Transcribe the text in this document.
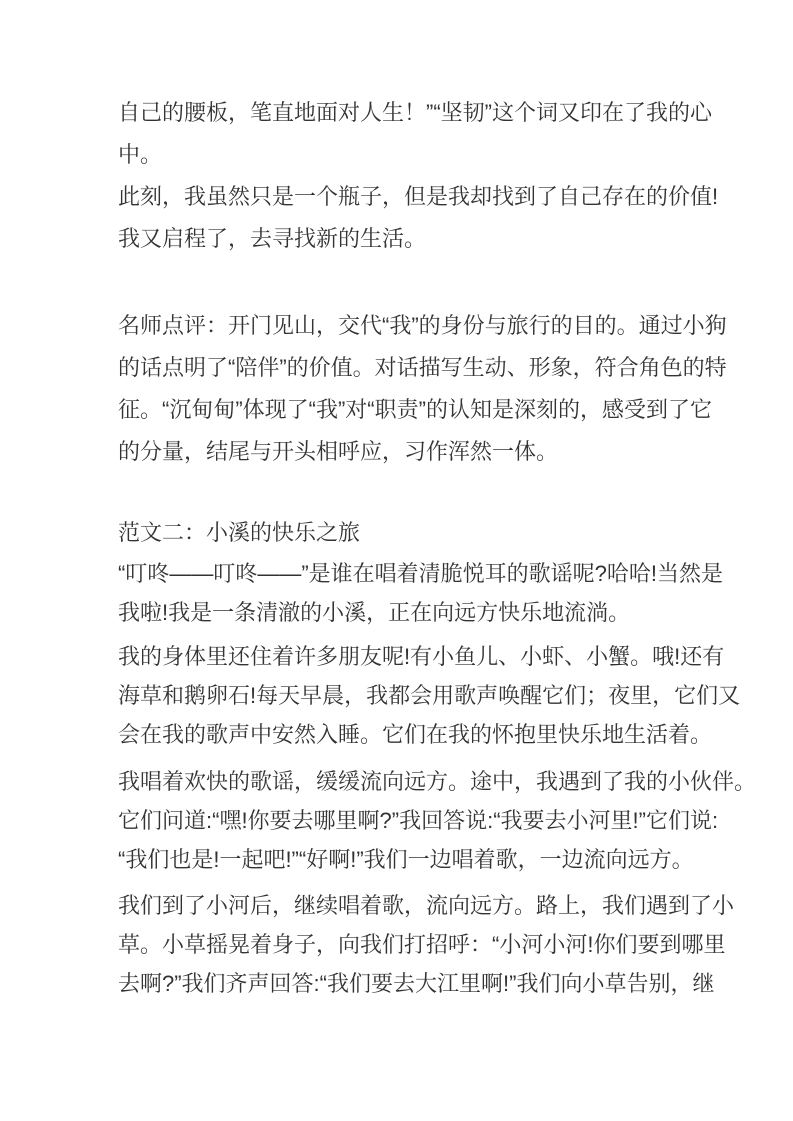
自己的腰板，笔直地面对人生！”“坚韧”这个词又印在了我的心
中。
此刻，我虽然只是一个瓶子，但是我却找到了自己存在的价值!
我又启程了，去寻找新的生活。
名师点评：开门见山，交代“我”的身份与旅行的目的。通过小狗
的话点明了“陪伴”的价值。对话描写生动、形象，符合角色的特
征。“沉甸甸”体现了“我”对“职责”的认知是深刻的，感受到了它
的分量，结尾与开头相呼应，习作浑然一体。
范文二：小溪的快乐之旅
“叮咚——叮咚——”是谁在唱着清脆悦耳的歌谣呢?哈哈!当然是
我啦!我是一条清澈的小溪，正在向远方快乐地流淌。
我的身体里还住着许多朋友呢!有小鱼儿、小虾、小蟹。哦!还有
海草和鹅卵石!每天早晨，我都会用歌声唤醒它们；夜里，它们又
会在我的歌声中安然入睡。它们在我的怀抱里快乐地生活着。
我唱着欢快的歌谣，缓缓流向远方。途中，我遇到了我的小伙伴。
它们问道:“嘿!你要去哪里啊?”我回答说:“我要去小河里!”它们说:
“我们也是!一起吧!”“好啊!”我们一边唱着歌，一边流向远方。
我们到了小河后，继续唱着歌，流向远方。路上，我们遇到了小
草。小草摇晃着身子，向我们打招呼：“小河小河!你们要到哪里
去啊?”我们齐声回答:“我们要去大江里啊!”我们向小草告别，继
